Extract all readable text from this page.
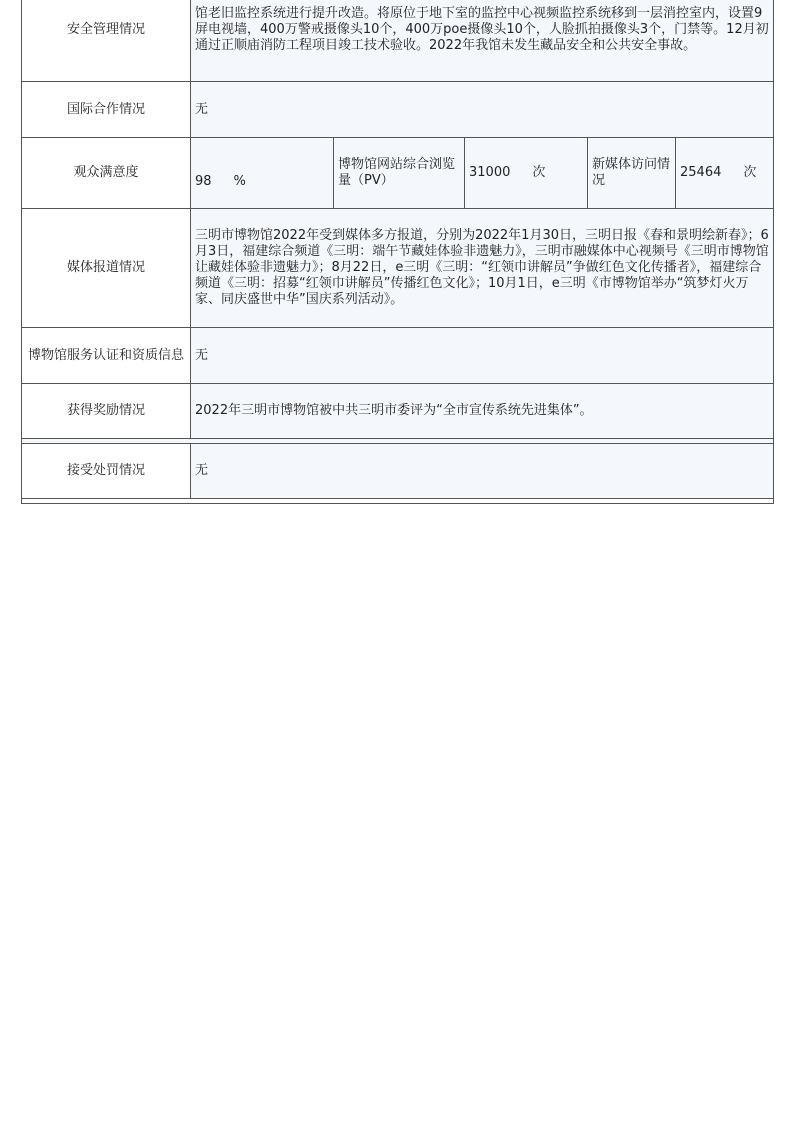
安全管理情况	馆老旧监控系统进行提升改造。将原位于地下室的监控中心视频监控系统移到一层消控室内，设置9屏电视墙，400万警戒摄像头10个，400万poe摄像头10个，人脸抓拍摄像头3个，门禁等。12月初通过正顺庙消防工程项目竣工技术验收。2022年我馆未发生藏品安全和公共安全事故。				
国际合作情况	无				
观众满意度	98 %	博物馆网站综合浏览量（PV）	31000 次	新媒体访问情况	25464 次
媒体报道情况	三明市博物馆2022年受到媒体多方报道，分别为2022年1月30日，三明日报《春和景明绘新春》；6月3日，福建综合频道《三明：端午节藏娃体验非遗魅力》，三明市融媒体中心视频号《三明市博物馆让藏娃体验非遗魅力》；8月22日，e三明《三明：“红领巾讲解员”争做红色文化传播者》，福建综合频道《三明：招募“红领巾讲解员”传播红色文化》；10月1日，e三明《市博物馆举办“筑梦灯火万家、同庆盛世中华”国庆系列活动》。				
博物馆服务认证和资质信息	无				
获得奖励情况	2022年三明市博物馆被中共三明市委评为“全市宣传系统先进集体”。				

接受处罚情况	无				
